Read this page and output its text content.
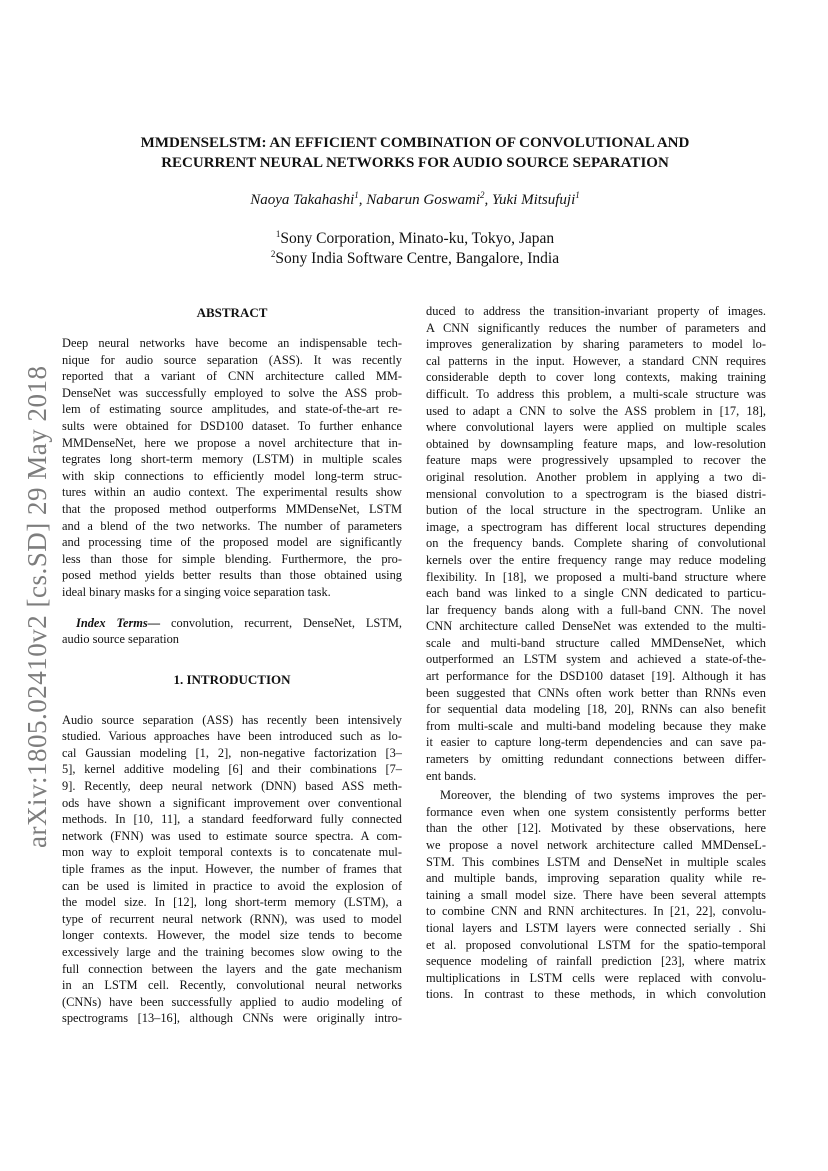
arXiv:1805.02410v2 [cs.SD] 29 May 2018
MMDENSELSTM: AN EFFICIENT COMBINATION OF CONVOLUTIONAL AND
RECURRENT NEURAL NETWORKS FOR AUDIO SOURCE SEPARATION
Naoya Takahashi$^1$, Nabarun Goswami$^2$, Yuki Mitsufuji$^1$
$^1$Sony Corporation, Minato-ku, Tokyo, Japan
$^2$Sony India Software Centre, Bangalore, India
ABSTRACT
Deep neural networks have become an indispensable tech-
nique for audio source separation (ASS). It was recently
reported that a variant of CNN architecture called MM-
DenseNet was successfully employed to solve the ASS prob-
lem of estimating source amplitudes, and state-of-the-art re-
sults were obtained for DSD100 dataset. To further enhance
MMDenseNet, here we propose a novel architecture that in-
tegrates long short-term memory (LSTM) in multiple scales
with skip connections to efficiently model long-term struc-
tures within an audio context. The experimental results show
that the proposed method outperforms MMDenseNet, LSTM
and a blend of the two networks. The number of parameters
and processing time of the proposed model are significantly
less than those for simple blending. Furthermore, the pro-
posed method yields better results than those obtained using
ideal binary masks for a singing voice separation task.
Index Terms— convolution, recurrent, DenseNet, LSTM,
audio source separation
1. INTRODUCTION
Audio source separation (ASS) has recently been intensively
studied. Various approaches have been introduced such as lo-
cal Gaussian modeling [1, 2], non-negative factorization [3–
5], kernel additive modeling [6] and their combinations [7–
9]. Recently, deep neural network (DNN) based ASS meth-
ods have shown a significant improvement over conventional
methods. In [10, 11], a standard feedforward fully connected
network (FNN) was used to estimate source spectra. A com-
mon way to exploit temporal contexts is to concatenate mul-
tiple frames as the input. However, the number of frames that
can be used is limited in practice to avoid the explosion of
the model size. In [12], long short-term memory (LSTM), a
type of recurrent neural network (RNN), was used to model
longer contexts. However, the model size tends to become
excessively large and the training becomes slow owing to the
full connection between the layers and the gate mechanism
in an LSTM cell. Recently, convolutional neural networks
(CNNs) have been successfully applied to audio modeling of
spectrograms [13–16], although CNNs were originally intro-
duced to address the transition-invariant property of images.
A CNN significantly reduces the number of parameters and
improves generalization by sharing parameters to model lo-
cal patterns in the input. However, a standard CNN requires
considerable depth to cover long contexts, making training
difficult. To address this problem, a multi-scale structure was
used to adapt a CNN to solve the ASS problem in [17, 18],
where convolutional layers were applied on multiple scales
obtained by downsampling feature maps, and low-resolution
feature maps were progressively upsampled to recover the
original resolution. Another problem in applying a two di-
mensional convolution to a spectrogram is the biased distri-
bution of the local structure in the spectrogram. Unlike an
image, a spectrogram has different local structures depending
on the frequency bands. Complete sharing of convolutional
kernels over the entire frequency range may reduce modeling
flexibility. In [18], we proposed a multi-band structure where
each band was linked to a single CNN dedicated to particu-
lar frequency bands along with a full-band CNN. The novel
CNN architecture called DenseNet was extended to the multi-
scale and multi-band structure called MMDenseNet, which
outperformed an LSTM system and achieved a state-of-the-
art performance for the DSD100 dataset [19]. Although it has
been suggested that CNNs often work better than RNNs even
for sequential data modeling [18, 20], RNNs can also benefit
from multi-scale and multi-band modeling because they make
it easier to capture long-term dependencies and can save pa-
rameters by omitting redundant connections between differ-
ent bands.
Moreover, the blending of two systems improves the per-
formance even when one system consistently performs better
than the other [12]. Motivated by these observations, here
we propose a novel network architecture called MMDenseL-
STM. This combines LSTM and DenseNet in multiple scales
and multiple bands, improving separation quality while re-
taining a small model size. There have been several attempts
to combine CNN and RNN architectures. In [21, 22], convolu-
tional layers and LSTM layers were connected serially . Shi
et al. proposed convolutional LSTM for the spatio-temporal
sequence modeling of rainfall prediction [23], where matrix
multiplications in LSTM cells were replaced with convolu-
tions. In contrast to these methods, in which convolution
